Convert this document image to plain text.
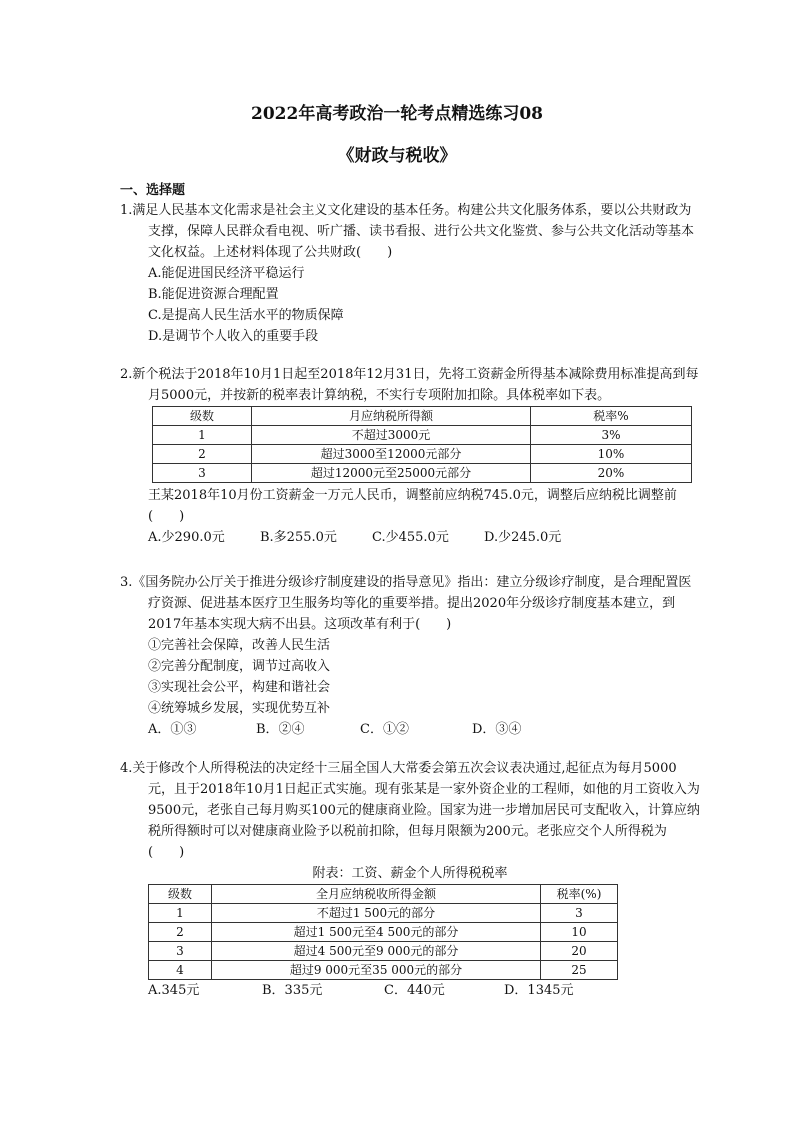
2022年高考政治一轮考点精选练习08
《财政与税收》
一、选择题

1.满足人民基本文化需求是社会主义文化建设的基本任务。构建公共文化服务体系，要以公共财政为支撑，保障人民群众看电视、听广播、读书看报、进行公共文化鉴赏、参与公共文化活动等基本文化权益。上述材料体现了公共财政(　　)

A.能促进国民经济平稳运行
B.能促进资源合理配置
C.是提高人民生活水平的物质保障
D.是调节个人收入的重要手段

2.新个税法于2018年10月1日起至2018年12月31日，先将工资薪金所得基本减除费用标准提高到每月5000元，并按新的税率表计算纳税，不实行专项附加扣除。具体税率如下表。

级数	月应纳税所得额	税率%
1	不超过3000元	3%
2	超过3000至12000元部分	10%
3	超过12000元至25000元部分	20%
王某2018年10月份工资薪金一万元人民币，调整前应纳税745.0元，调整后应纳税比调整前(　　)
A.少290.0元	B.多255.0元	C.少455.0元	D.少245.0元

3.《国务院办公厅关于推进分级诊疗制度建设的指导意见》指出：建立分级诊疗制度，是合理配置医疗资源、促进基本医疗卫生服务均等化的重要举措。提出2020年分级诊疗制度基本建立，到2017年基本实现大病不出县。这项改革有利于(　　)

①完善社会保障，改善人民生活
②完善分配制度，调节过高收入
③实现社会公平，构建和谐社会
④统筹城乡发展，实现优势互补
A．①③	B．②④	C．①②	D．③④

4.关于修改个人所得税法的决定经十三届全国人大常委会第五次会议表决通过,起征点为每月5000元，且于2018年10月1日起正式实施。现有张某是一家外资企业的工程师，如他的月工资收入为9500元，老张自己每月购买100元的健康商业险。国家为进一步增加居民可支配收入，计算应纳税所得额时可以对健康商业险予以税前扣除，但每月限额为200元。老张应交个人所得税为(　　)

附表：工资、薪金个人所得税税率
级数	全月应纳税收所得金额	税率(%)
1	不超过1 500元的部分	3
2	超过1 500元至4 500元的部分	10
3	超过4 500元至9 000元的部分	20
4	超过9 000元至35 000元的部分	25
A.345元	B．335元	C．440元	D．1345元
